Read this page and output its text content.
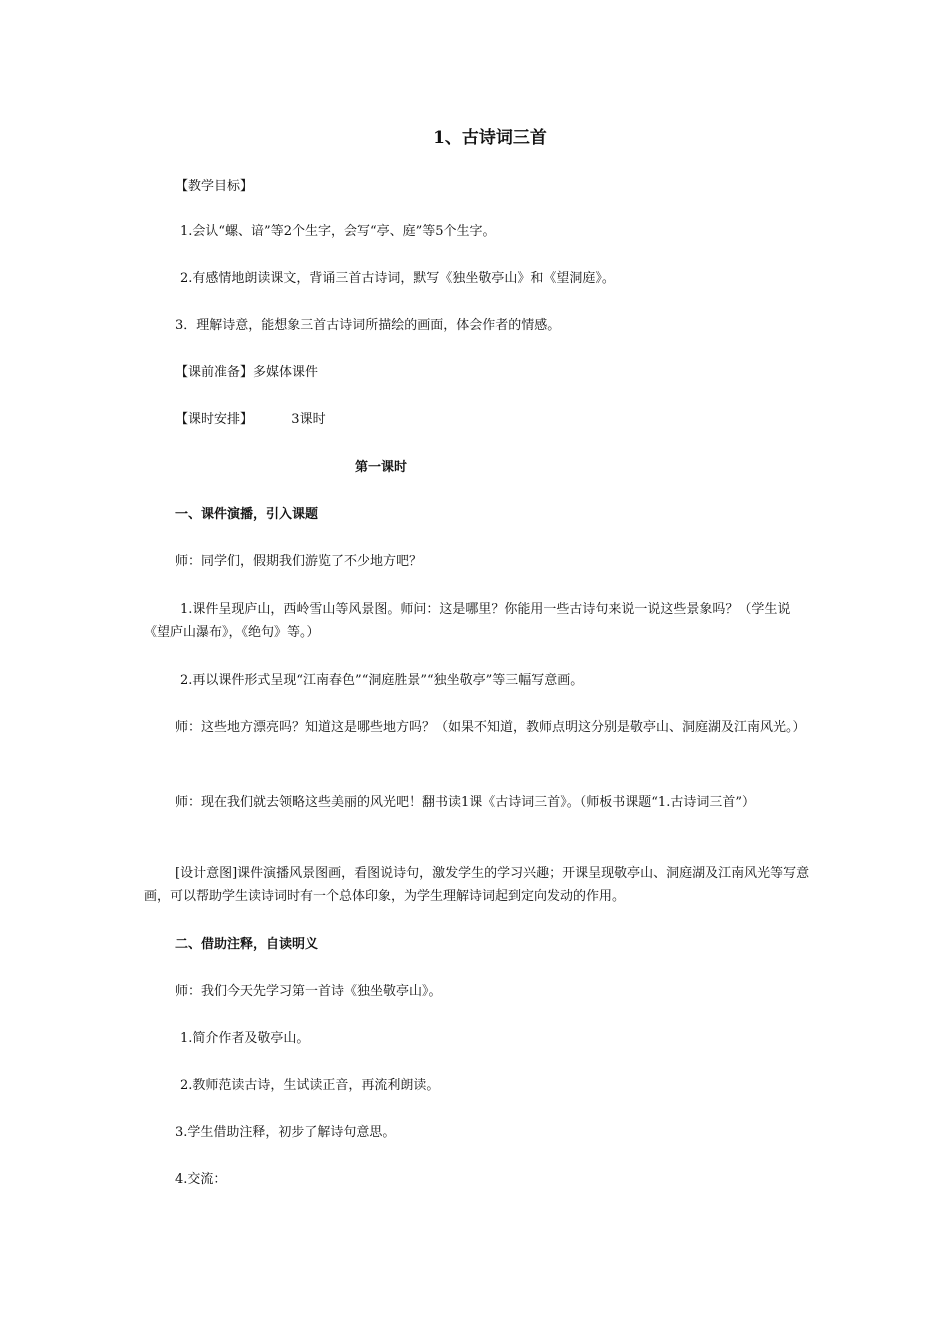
1、古诗词三首
【教学目标】
1.会认“螺、谙”等2个生字，会写“亭、庭”等5个生字。
2.有感情地朗读课文，背诵三首古诗词，默写《独坐敬亭山》和《望洞庭》。
3．理解诗意，能想象三首古诗词所描绘的画面，体会作者的情感。
【课前准备】多媒体课件
【课时安排】	3课时
第一课时
一、课件演播，引入课题
师：同学们，假期我们游览了不少地方吧？
1.课件呈现庐山，西岭雪山等风景图。师问：这是哪里？你能用一些古诗句来说一说这些景象吗？（学生说《望庐山瀑布》，《绝句》等。）
2.再以课件形式呈现“江南春色”“洞庭胜景”“独坐敬亭”等三幅写意画。
师：这些地方漂亮吗？知道这是哪些地方吗？（如果不知道，教师点明这分别是敬亭山、洞庭湖及江南风光。）
师：现在我们就去领略这些美丽的风光吧！翻书读1课《古诗词三首》。（师板书课题“1.古诗词三首”）
[设计意图]课件演播风景图画，看图说诗句，激发学生的学习兴趣；开课呈现敬亭山、洞庭湖及江南风光等写意画，可以帮助学生读诗词时有一个总体印象，为学生理解诗词起到定向发动的作用。
二、借助注释，自读明义
师：我们今天先学习第一首诗《独坐敬亭山》。
1.简介作者及敬亭山。
2.教师范读古诗，生试读正音，再流利朗读。
3.学生借助注释，初步了解诗句意思。
4.交流：
